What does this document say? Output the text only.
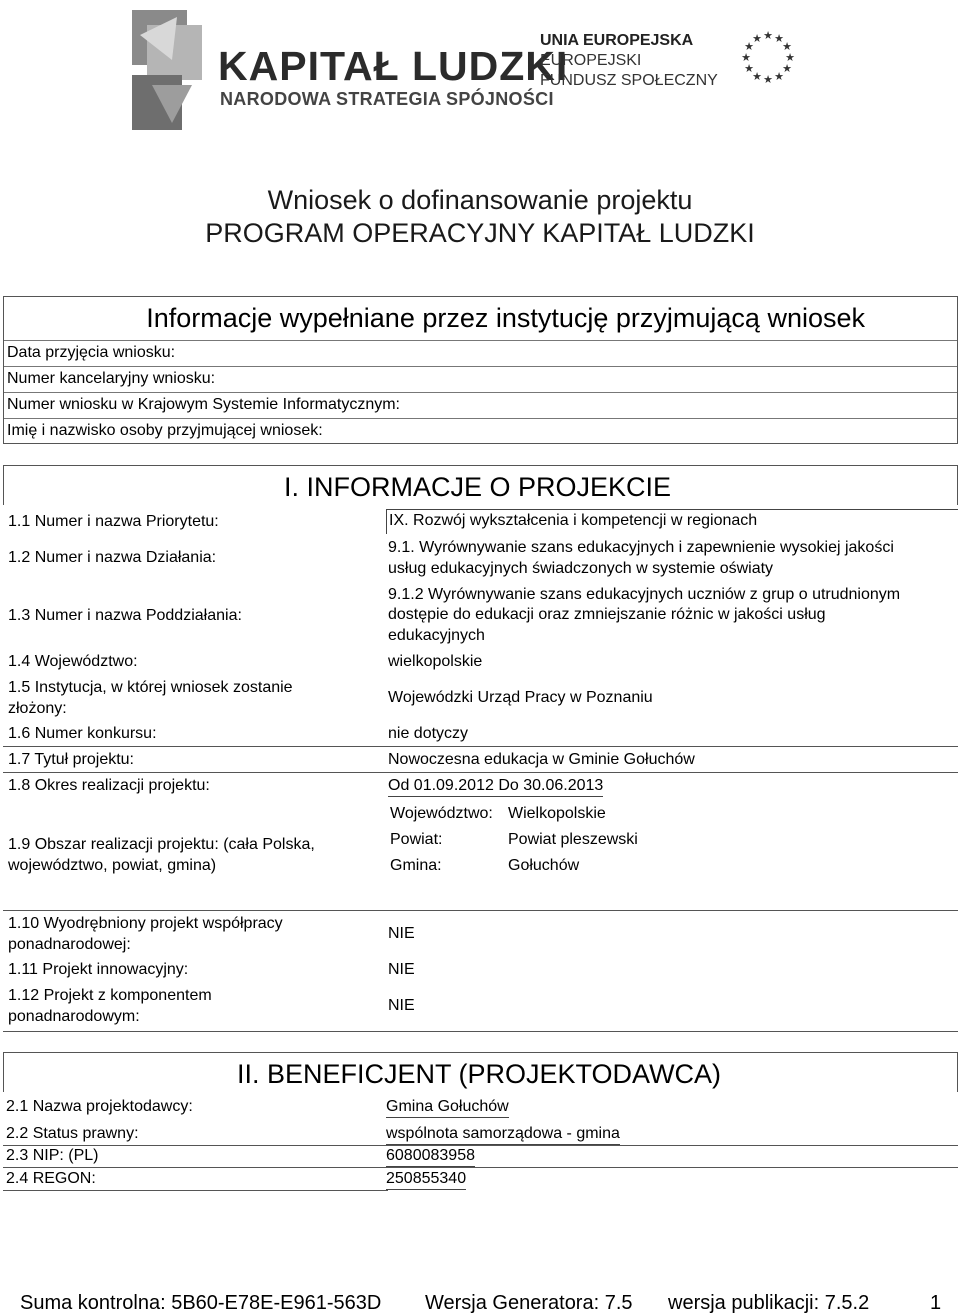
KAPITAŁ LUDZKI
NARODOWA STRATEGIA SPÓJNOŚCI
UNIA EUROPEJSKA
EUROPEJSKI
FUNDUSZ SPOŁECZNY
★ ★
★
★
★
★
★
★
★
★
★
★
Wniosek o dofinansowanie projektu
PROGRAM OPERACYJNY KAPITAŁ LUDZKI
Informacje wypełniane przez instytucję przyjmującą wniosek
Data przyjęcia wniosku:
Numer kancelaryjny wniosku:
Numer wniosku w Krajowym Systemie Informatycznym:
Imię i nazwisko osoby przyjmującej wniosek:
I. INFORMACJE O PROJEKCIE
1.1 Numer i nazwa Priorytetu:	IX. Rozwój wykształcenia i kompetencji w regionach
1.2 Numer i nazwa Działania:
9.1. Wyrównywanie szans edukacyjnych i zapewnienie wysokiej jakości
usług edukacyjnych świadczonych w systemie oświaty
1.3 Numer i nazwa Poddziałania:
9.1.2 Wyrównywanie szans edukacyjnych uczniów z grup o utrudnionym
dostępie do edukacji oraz zmniejszanie różnic w jakości usług
edukacyjnych
1.4 Województwo:	wielkopolskie
1.5 Instytucja, w której wniosek zostanie
złożony:
Wojewódzki Urząd Pracy w Poznaniu
1.6 Numer konkursu:	nie dotyczy
1.7 Tytuł projektu:	Nowoczesna edukacja w Gminie Gołuchów
1.8 Okres realizacji projektu:	Od 01.09.2012 Do 30.06.2013
1.9 Obszar realizacji projektu: (cała Polska,
województwo, powiat, gmina)
Województwo: Wielkopolskie
Powiat:	Powiat pleszewski
Gmina:	Gołuchów
1.10 Wyodrębniony projekt współpracy
ponadnarodowej:
NIE
1.11 Projekt innowacyjny:	NIE
1.12 Projekt z komponentem
ponadnarodowym:
NIE
II. BENEFICJENT (PROJEKTODAWCA)
2.1 Nazwa projektodawcy:	Gmina Gołuchów
2.2 Status prawny:	wspólnota samorządowa - gmina
2.3 NIP: (PL)	6080083958
2.4 REGON:	250855340
Suma kontrolna: 5B60-E78E-E961-563D Wersja Generatora: 7.5 wersja publikacji: 7.5.2	1
